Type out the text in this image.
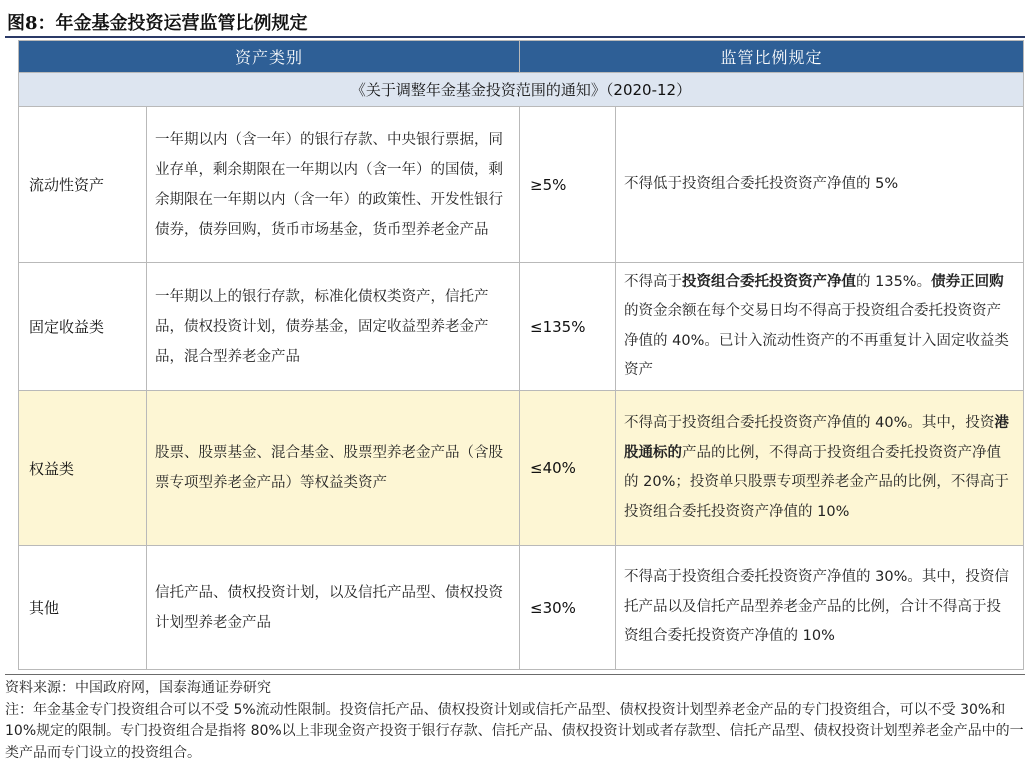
图8：年金基金投资运营监管比例规定
资产类别		监管比例规定	
《关于调整年金基金投资范围的通知》（2020-12）			
流动性资产	一年期以内（含一年）的银行存款、中央银行票据，同业存单，剩余期限在一年期以内（含一年）的国债，剩余期限在一年期以内（含一年）的政策性、开发性银行债券，债券回购，货币市场基金，货币型养老金产品	≥5%	不得低于投资组合委托投资资产净值的 5%
固定收益类	一年期以上的银行存款，标准化债权类资产，信托产品，债权投资计划，债券基金，固定收益型养老金产品，混合型养老金产品	≤135%	不得高于投资组合委托投资资产净值的 135%。债券正回购的资金余额在每个交易日均不得高于投资组合委托投资资产净值的 40%。已计入流动性资产的不再重复计入固定收益类资产
权益类	股票、股票基金、混合基金、股票型养老金产品（含股票专项型养老金产品）等权益类资产	≤40%	不得高于投资组合委托投资资产净值的 40%。其中，投资港股通标的产品的比例，不得高于投资组合委托投资资产净值的 20%；投资单只股票专项型养老金产品的比例，不得高于投资组合委托投资资产净值的 10%
其他	信托产品、债权投资计划，以及信托产品型、债权投资计划型养老金产品	≤30%	不得高于投资组合委托投资资产净值的 30%。其中，投资信托产品以及信托产品型养老金产品的比例，合计不得高于投资组合委托投资资产净值的 10%
资料来源：中国政府网，国泰海通证券研究
注：年金基金专门投资组合可以不受 5%流动性限制。投资信托产品、债权投资计划或信托产品型、债权投资计划型养老金产品的专门投资组合，可以不受 30%和 10%规定的限制。专门投资组合是指将 80%以上非现金资产投资于银行存款、信托产品、债权投资计划或者存款型、信托产品型、债权投资计划型养老金产品中的一类产品而专门设立的投资组合。
